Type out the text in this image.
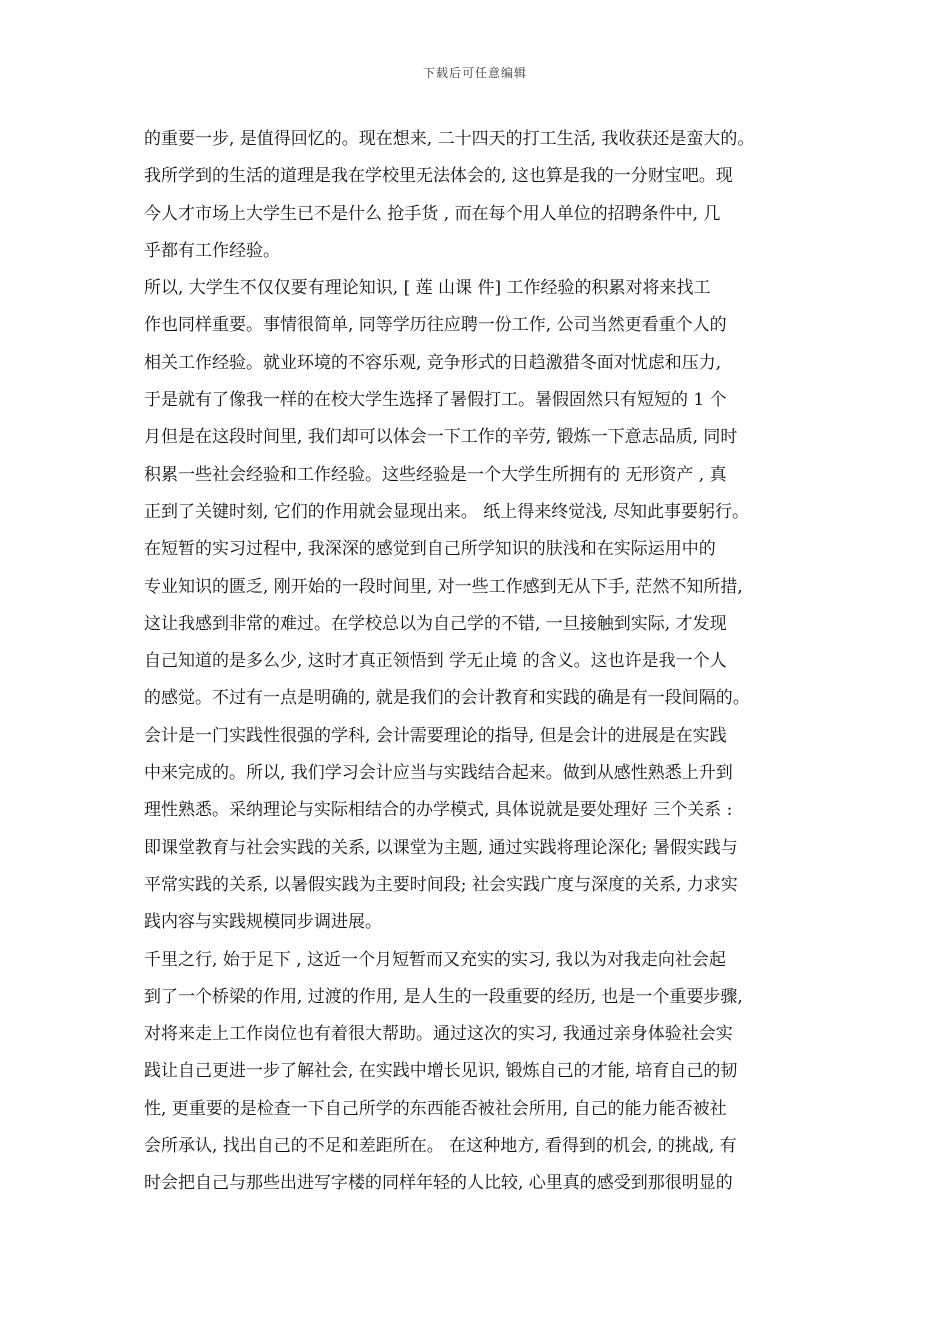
下载后可任意编辑
的重要一步, 是值得回忆的。现在想来, 二十四天的打工生活, 我收获还是蛮大的。
我所学到的生活的道理是我在学校里无法体会的, 这也算是我的一分财宝吧。现
今人才市场上大学生已不是什么 抢手货 , 而在每个用人单位的招聘条件中, 几
乎都有工作经验。
所以, 大学生不仅仅要有理论知识, [ 莲 山课 件] 工作经验的积累对将来找工
作也同样重要。事情很简单, 同等学历往应聘一份工作, 公司当然更看重个人的
相关工作经验。就业环境的不容乐观, 竞争形式的日趋激猎冬面对忧虑和压力,
于是就有了像我一样的在校大学生选择了暑假打工。暑假固然只有短短的 1 个
月但是在这段时间里, 我们却可以体会一下工作的辛劳, 锻炼一下意志品质, 同时
积累一些社会经验和工作经验。这些经验是一个大学生所拥有的 无形资产 , 真
正到了关键时刻, 它们的作用就会显现出来。 纸上得来终觉浅, 尽知此事要躬行。
在短暂的实习过程中, 我深深的感觉到自己所学知识的肤浅和在实际运用中的
专业知识的匮乏, 刚开始的一段时间里, 对一些工作感到无从下手, 茫然不知所措,
这让我感到非常的难过。在学校总以为自己学的不错, 一旦接触到实际, 才发现
自己知道的是多么少, 这时才真正领悟到 学无止境 的含义。这也许是我一个人
的感觉。不过有一点是明确的, 就是我们的会计教育和实践的确是有一段间隔的。
会计是一门实践性很强的学科, 会计需要理论的指导, 但是会计的进展是在实践
中来完成的。所以, 我们学习会计应当与实践结合起来。做到从感性熟悉上升到
理性熟悉。采纳理论与实际相结合的办学模式, 具体说就是要处理好 三个关系 :
即课堂教育与社会实践的关系, 以课堂为主题, 通过实践将理论深化; 暑假实践与
平常实践的关系, 以暑假实践为主要时间段; 社会实践广度与深度的关系, 力求实
践内容与实践规模同步调进展。
千里之行, 始于足下 , 这近一个月短暂而又充实的实习, 我以为对我走向社会起
到了一个桥梁的作用, 过渡的作用, 是人生的一段重要的经历, 也是一个重要步骤,
对将来走上工作岗位也有着很大帮助。通过这次的实习, 我通过亲身体验社会实
践让自己更进一步了解社会, 在实践中增长见识, 锻炼自己的才能, 培育自己的韧
性, 更重要的是检查一下自己所学的东西能否被社会所用, 自己的能力能否被社
会所承认, 找出自己的不足和差距所在。 在这种地方, 看得到的机会, 的挑战, 有
时会把自己与那些出进写字楼的同样年轻的人比较, 心里真的感受到那很明显的
